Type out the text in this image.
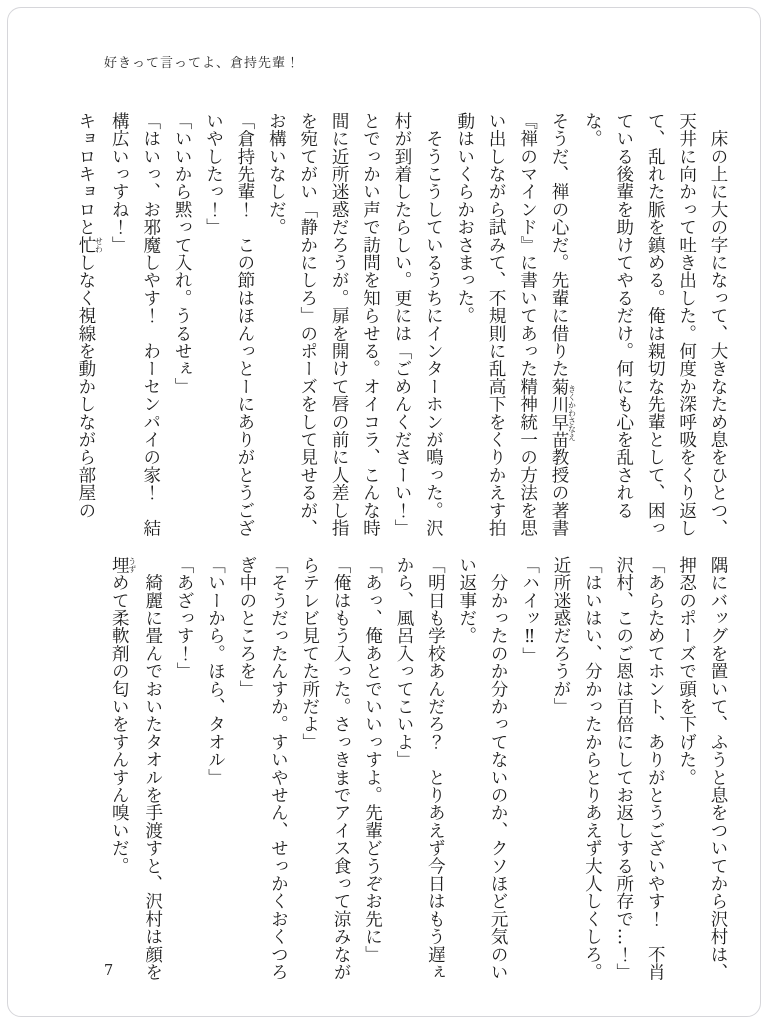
好きって言ってよ、倉持先輩！
　床の上に大の字になって、大きなため息をひとつ、
天井に向かって吐き出した。何度か深呼吸をくり返し
て、乱れた脈を鎮める。俺は親切な先輩として、困っ
ている後輩を助けてやるだけ。何にも心を乱されるな。
そうだ、禅の心だ。先輩に借りた菊川早苗きくかわさなえ教授の著書
『禅のマインド』に書いてあった精神統一の方法を思
い出しながら試みて、不規則に乱高下をくりかえす拍
動はいくらかおさまった。
　そうこうしているうちにインターホンが鳴った。沢
村が到着したらしい。更には「ごめんくださーい！」
とでっかい声で訪問を知らせる。オイコラ、こんな時
間に近所迷惑だろうが。扉を開けて唇の前に人差し指
を宛てがい「静かにしろ」のポーズをして見せるが、
お構いなしだ。
「倉持先輩！　この節はほんっとーにありがとうござ
いやしたっ！」
「いいから黙って入れ。うるせぇ」
「はいっ、お邪魔しやす！　わーセンパイの家！　結
構広いっすね！」
キョロキョロと忙せわしなく視線を動かしながら部屋の
隅にバッグを置いて、ふうと息をついてから沢村は、
押忍のポーズで頭を下げた。
「あらためてホント、ありがとうございやす！　不肖
沢村、このご恩は百倍にしてお返しする所存で…！」
「はいはい、分かったからとりあえず大人しくしろ。
近所迷惑だろうが」
「ハイッ‼」
　分かったのか分かってないのか、クソほど元気のい
い返事だ。
「明日も学校あんだろ？　とりあえず今日はもう遅ぇ
から、風呂入ってこいよ」
「あっ、俺あとでいいっすよ。先輩どうぞお先に」
「俺はもう入った。さっきまでアイス食って涼みなが
らテレビ見てた所だよ」
「そうだったんすか。すいやせん、せっかくおくつろ
ぎ中のところを」
「いーから。ほら、タオル」
「あざっす！」
　綺麗に畳んでおいたタオルを手渡すと、沢村は顔を
埋うずめて柔軟剤の匂いをすんすん嗅いだ。
7
